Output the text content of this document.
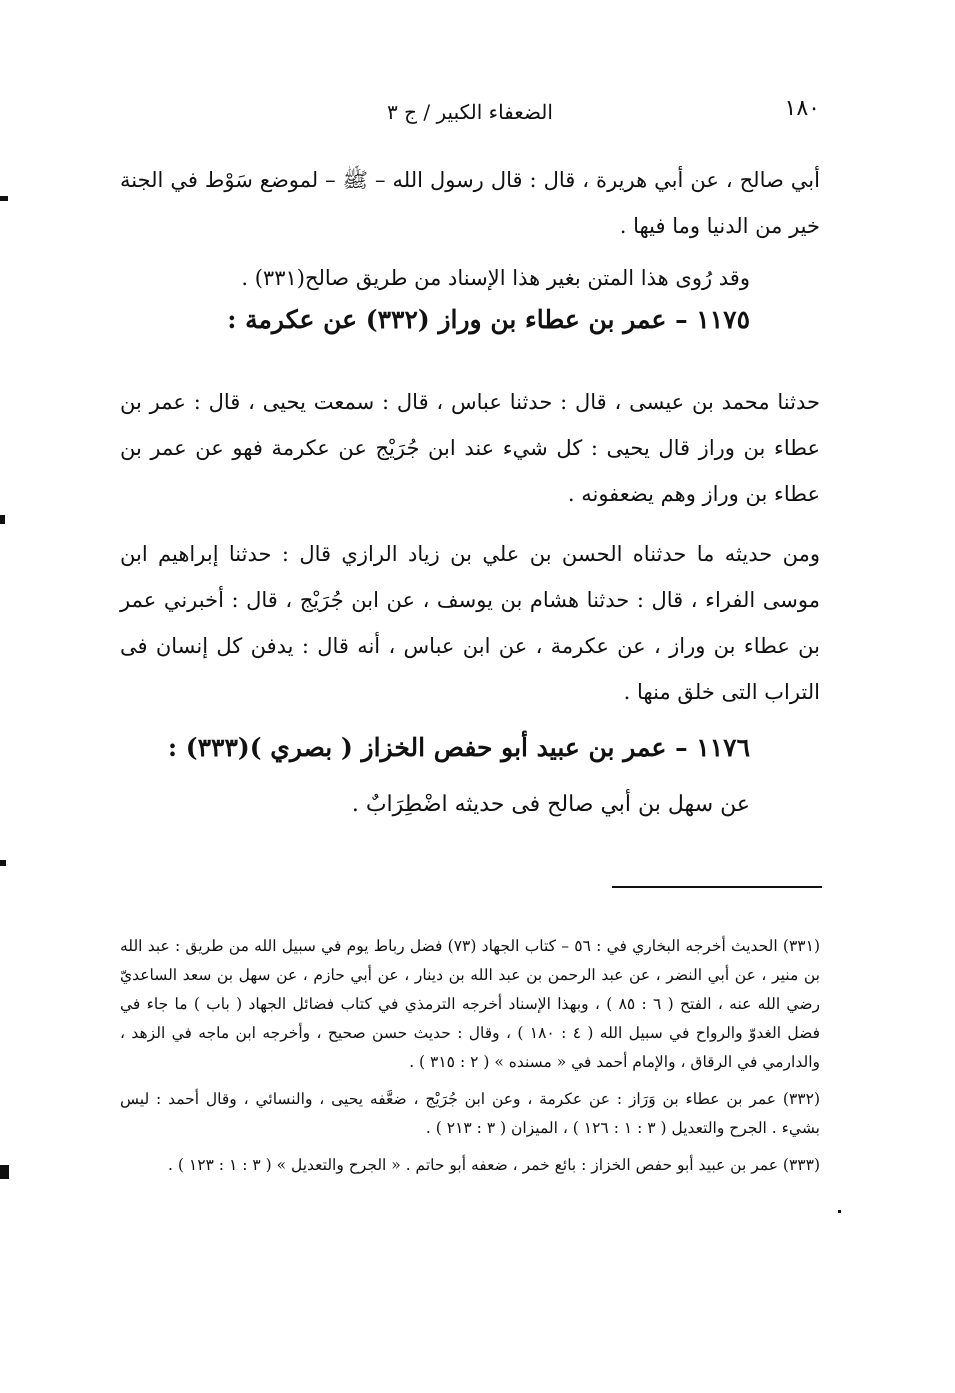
١٨٠
الضعفاء الكبير / ج ٣

أبي صالح ، عن أبي هريرة ، قال : قال رسول الله – ﷺ – لموضع سَوْط في الجنة خير من الدنيا وما فيها .

وقد رُوى هذا المتن بغير هذا الإسناد من طريق صالح(٣٣١) .

١١٧٥ – عمر بن عطاء بن وراز (٣٣٢) عن عكرمة :

حدثنا محمد بن عيسى ، قال : حدثنا عباس ، قال : سمعت يحيى ، قال : عمر بن عطاء بن وراز قال يحيى : كل شيء عند ابن جُرَيْج عن عكرمة فهو عن عمر بن عطاء بن وراز وهم يضعفونه .

ومن حديثه ما حدثناه الحسن بن علي بن زياد الرازي قال : حدثنا إبراهيم ابن موسى الفراء ، قال : حدثنا هشام بن يوسف ، عن ابن جُرَيْج ، قال : أخبرني عمر بن عطاء بن وراز ، عن عكرمة ، عن ابن عباس ، أنه قال : يدفن كل إنسان فى التراب التى خلق منها .

١١٧٦ – عمر بن عبيد أبو حفص الخزاز ( بصري )(٣٣٣) :
عن سهل بن أبي صالح فى حديثه اضْطِرَابٌ .

(٣٣١) الحديث أخرجه البخاري في : ٥٦ – كتاب الجهاد (٧٣) فضل رباط يوم في سبيل الله من طريق : عبد الله بن منير ، عن أبي النضر ، عن عبد الرحمن بن عبد الله بن دينار ، عن أبي حازم ، عن سهل بن سعد الساعديّ رضي الله عنه ، الفتح ( ٦ : ٨٥ ) ، وبهذا الإسناد أخرجه الترمذي في كتاب فضائل الجهاد ( باب ) ما جاء في فضل الغدوّ والرواح في سبيل الله ( ٤ : ١٨٠ ) ، وقال : حديث حسن صحيح ، وأخرجه ابن ماجه في الزهد ، والدارمي في الرقاق ، والإمام أحمد في « مسنده » ( ٢ : ٣١٥ ) .

(٣٣٢) عمر بن عطاء بن وَرَاز : عن عكرمة ، وعن ابن جُرَيْج ، ضعَّفه يحيى ، والنسائي ، وقال أحمد : ليس بشيء . الجرح والتعديل ( ٣ : ١ : ١٢٦ ) ، الميزان ( ٣ : ٢١٣ ) .

(٣٣٣) عمر بن عبيد أبو حفص الخزاز : بائع خمر ، ضعفه أبو حاتم . « الجرح والتعديل » ( ٣ : ١ : ١٢٣ ) .
